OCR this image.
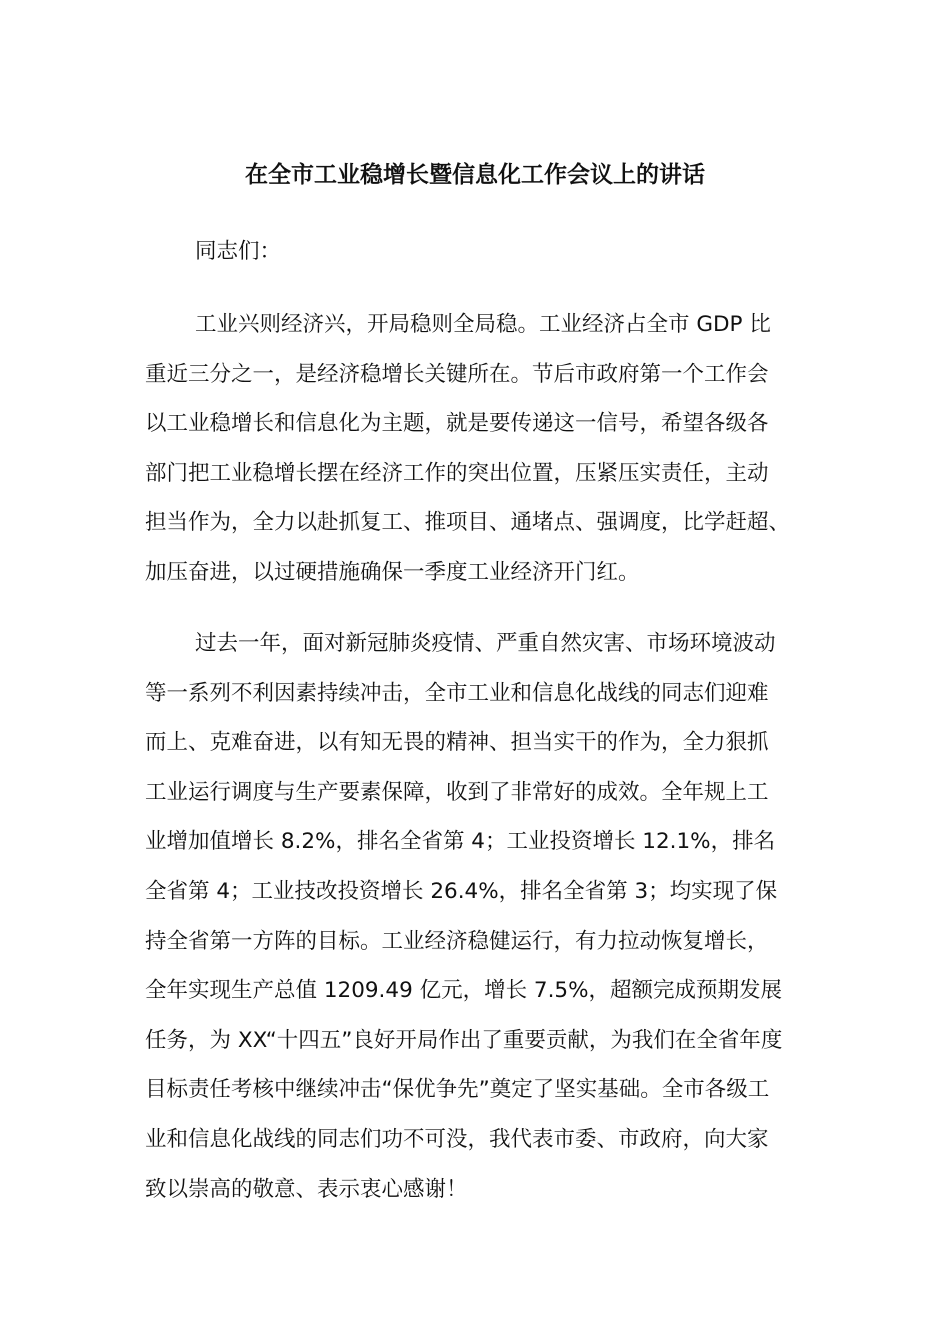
在全市工业稳增长暨信息化工作会议上的讲话

同志们：

工业兴则经济兴，开局稳则全局稳。工业经济占全市 GDP 比
重近三分之一，是经济稳增长关键所在。节后市政府第一个工作会
以工业稳增长和信息化为主题，就是要传递这一信号，希望各级各
部门把工业稳增长摆在经济工作的突出位置，压紧压实责任，主动
担当作为，全力以赴抓复工、推项目、通堵点、强调度，比学赶超、
加压奋进，以过硬措施确保一季度工业经济开门红。
过去一年，面对新冠肺炎疫情、严重自然灾害、市场环境波动
等一系列不利因素持续冲击，全市工业和信息化战线的同志们迎难
而上、克难奋进，以有知无畏的精神、担当实干的作为，全力狠抓
工业运行调度与生产要素保障，收到了非常好的成效。全年规上工
业增加值增长 8.2%，排名全省第 4；工业投资增长 12.1%，排名
全省第 4；工业技改投资增长 26.4%，排名全省第 3；均实现了保
持全省第一方阵的目标。工业经济稳健运行，有力拉动恢复增长，
全年实现生产总值 1209.49 亿元，增长 7.5%，超额完成预期发展
任务，为 XX“十四五”良好开局作出了重要贡献，为我们在全省年度
目标责任考核中继续冲击“保优争先”奠定了坚实基础。全市各级工
业和信息化战线的同志们功不可没，我代表市委、市政府，向大家
致以崇高的敬意、表示衷心感谢！
